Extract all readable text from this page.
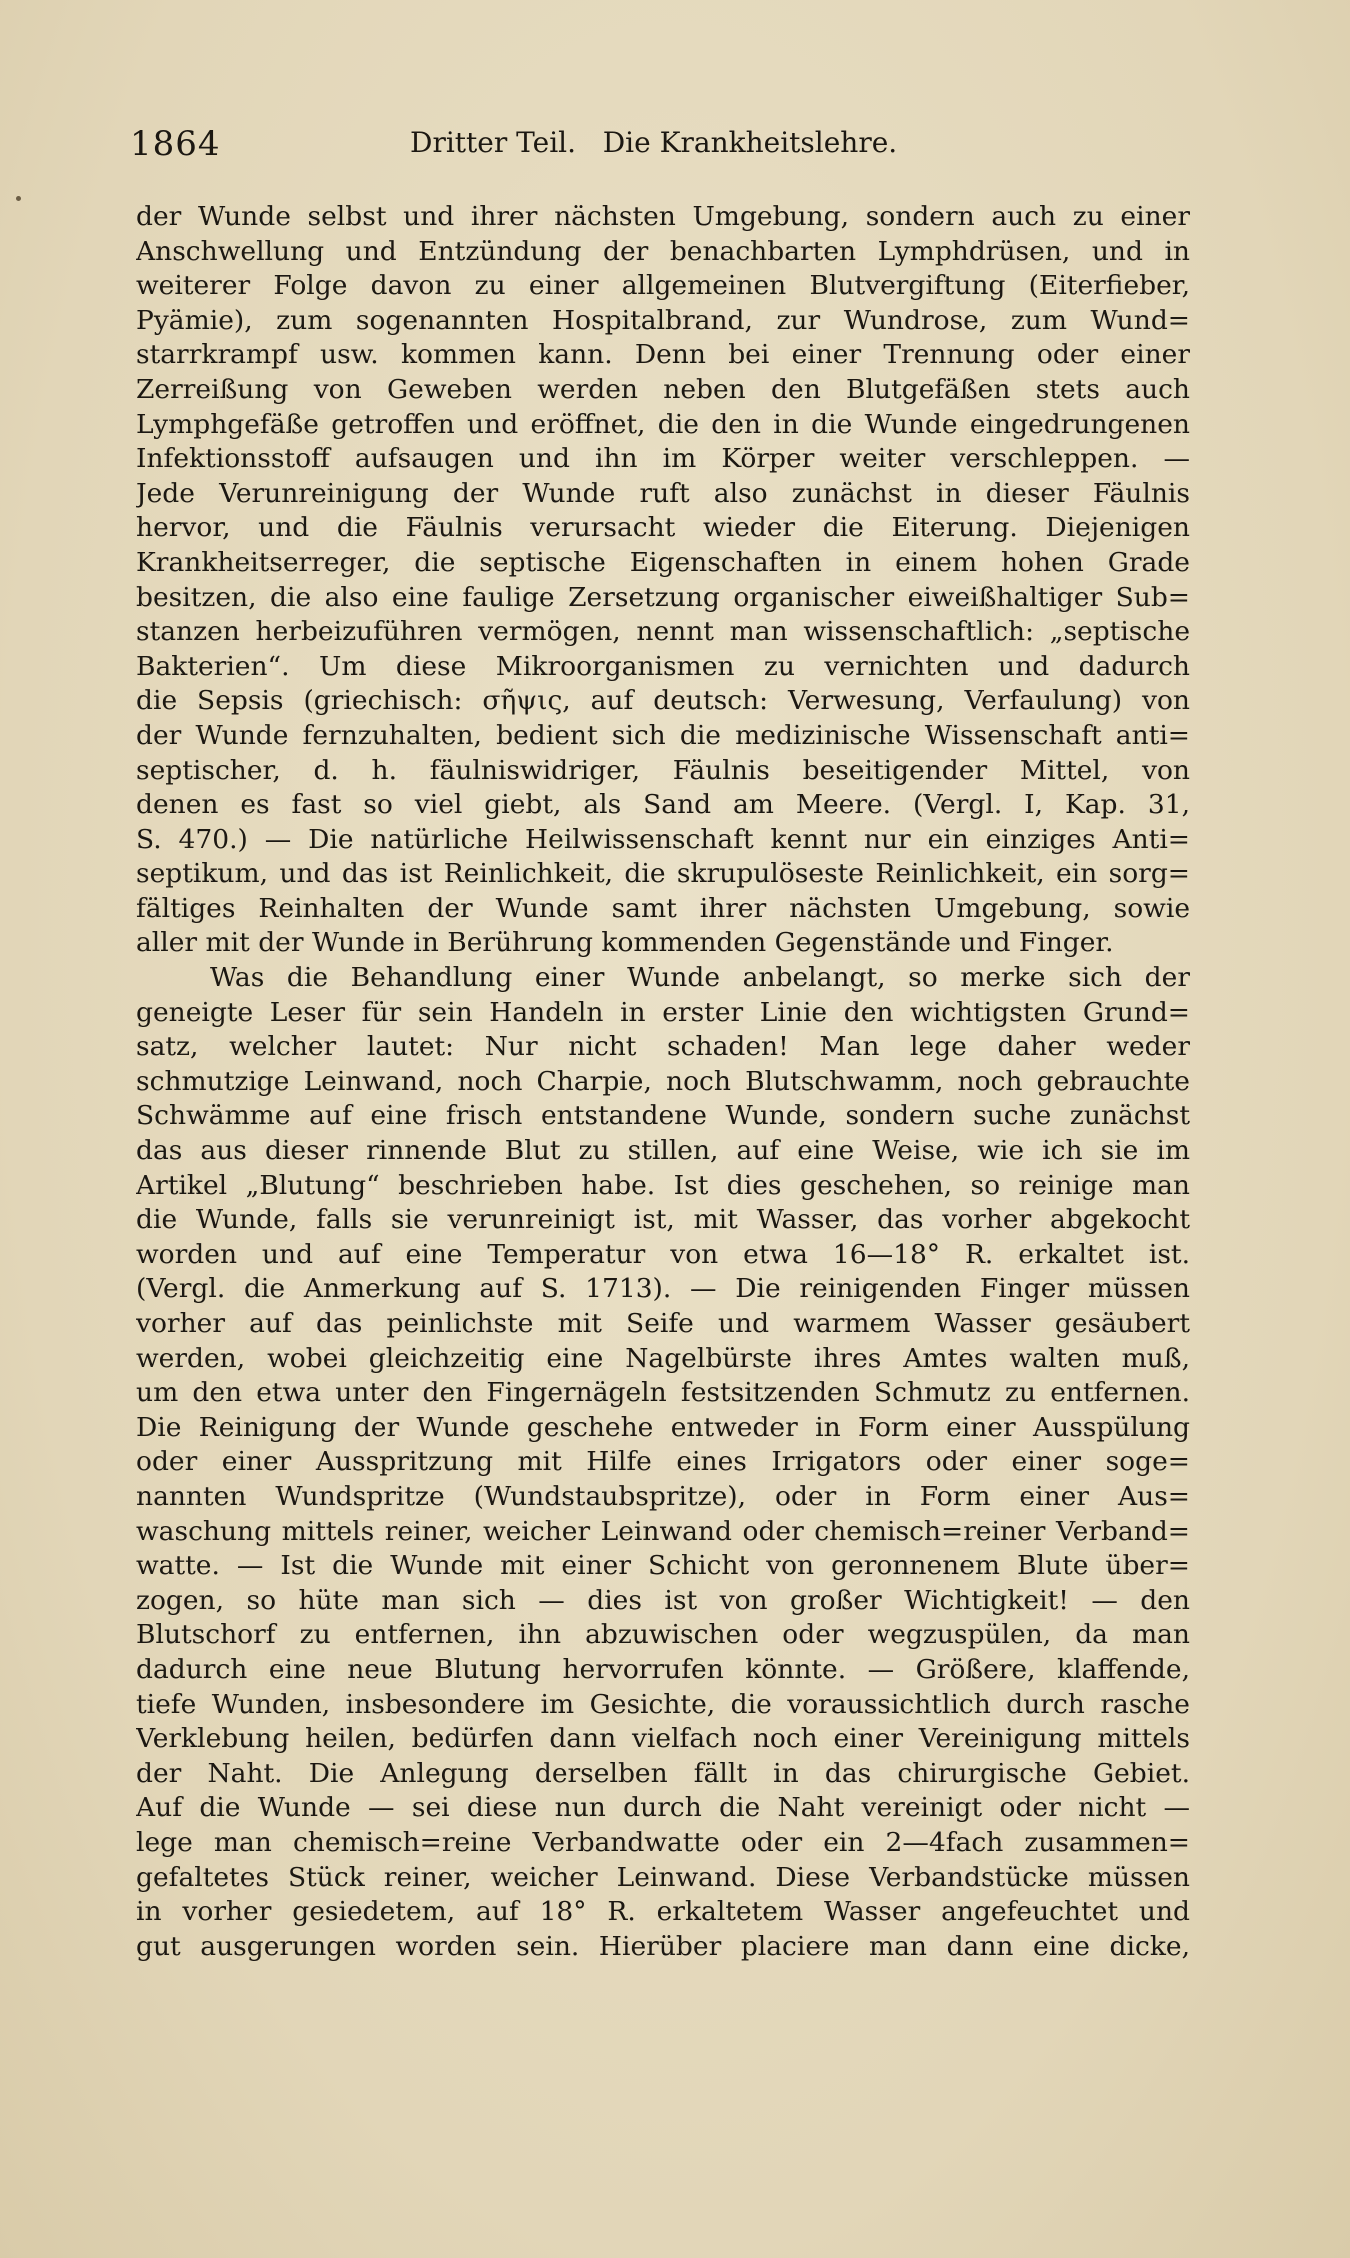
1864	Dritter Teil.   Die Krankheitslehre.
der Wunde selbst und ihrer nächsten Umgebung, sondern auch zu einer
Anschwellung und Entzündung der benachbarten Lymphdrüsen, und in
weiterer Folge davon zu einer allgemeinen Blutvergiftung (Eiterfieber,
Pyämie), zum sogenannten Hospitalbrand, zur Wundrose, zum Wund=
starrkrampf usw. kommen kann. Denn bei einer Trennung oder einer
Zerreißung von Geweben werden neben den Blutgefäßen stets auch
Lymphgefäße getroffen und eröffnet, die den in die Wunde eingedrungenen
Infektionsstoff aufsaugen und ihn im Körper weiter verschleppen. —
Jede Verunreinigung der Wunde ruft also zunächst in dieser Fäulnis
hervor, und die Fäulnis verursacht wieder die Eiterung. Diejenigen
Krankheitserreger, die septische Eigenschaften in einem hohen Grade
besitzen, die also eine faulige Zersetzung organischer eiweißhaltiger Sub=
stanzen herbeizuführen vermögen, nennt man wissenschaftlich: „septische
Bakterien“. Um diese Mikroorganismen zu vernichten und dadurch
die Sepsis (griechisch: σῆψις, auf deutsch: Verwesung, Verfaulung) von
der Wunde fernzuhalten, bedient sich die medizinische Wissenschaft anti=
septischer, d. h. fäulniswidriger, Fäulnis beseitigender Mittel, von
denen es fast so viel giebt, als Sand am Meere. (Vergl. I, Kap. 31,
S. 470.) — Die natürliche Heilwissenschaft kennt nur ein einziges Anti=
septikum, und das ist Reinlichkeit, die skrupulöseste Reinlichkeit, ein sorg=
fältiges Reinhalten der Wunde samt ihrer nächsten Umgebung, sowie
aller mit der Wunde in Berührung kommenden Gegenstände und Finger.
Was die Behandlung einer Wunde anbelangt, so merke sich der
geneigte Leser für sein Handeln in erster Linie den wichtigsten Grund=
satz, welcher lautet: Nur nicht schaden! Man lege daher weder
schmutzige Leinwand, noch Charpie, noch Blutschwamm, noch gebrauchte
Schwämme auf eine frisch entstandene Wunde, sondern suche zunächst
das aus dieser rinnende Blut zu stillen, auf eine Weise, wie ich sie im
Artikel „Blutung“ beschrieben habe. Ist dies geschehen, so reinige man
die Wunde, falls sie verunreinigt ist, mit Wasser, das vorher abgekocht
worden und auf eine Temperatur von etwa 16—18° R. erkaltet ist.
(Vergl. die Anmerkung auf S. 1713). — Die reinigenden Finger müssen
vorher auf das peinlichste mit Seife und warmem Wasser gesäubert
werden, wobei gleichzeitig eine Nagelbürste ihres Amtes walten muß,
um den etwa unter den Fingernägeln festsitzenden Schmutz zu entfernen.
Die Reinigung der Wunde geschehe entweder in Form einer Ausspülung
oder einer Ausspritzung mit Hilfe eines Irrigators oder einer soge=
nannten Wundspritze (Wundstaubspritze), oder in Form einer Aus=
waschung mittels reiner, weicher Leinwand oder chemisch=reiner Verband=
watte. — Ist die Wunde mit einer Schicht von geronnenem Blute über=
zogen, so hüte man sich — dies ist von großer Wichtigkeit! — den
Blutschorf zu entfernen, ihn abzuwischen oder wegzuspülen, da man
dadurch eine neue Blutung hervorrufen könnte. — Größere, klaffende,
tiefe Wunden, insbesondere im Gesichte, die voraussichtlich durch rasche
Verklebung heilen, bedürfen dann vielfach noch einer Vereinigung mittels
der Naht. Die Anlegung derselben fällt in das chirurgische Gebiet.
Auf die Wunde — sei diese nun durch die Naht vereinigt oder nicht —
lege man chemisch=reine Verbandwatte oder ein 2—4fach zusammen=
gefaltetes Stück reiner, weicher Leinwand. Diese Verbandstücke müssen
in vorher gesiedetem, auf 18° R. erkaltetem Wasser angefeuchtet und
gut ausgerungen worden sein. Hierüber placiere man dann eine dicke,
